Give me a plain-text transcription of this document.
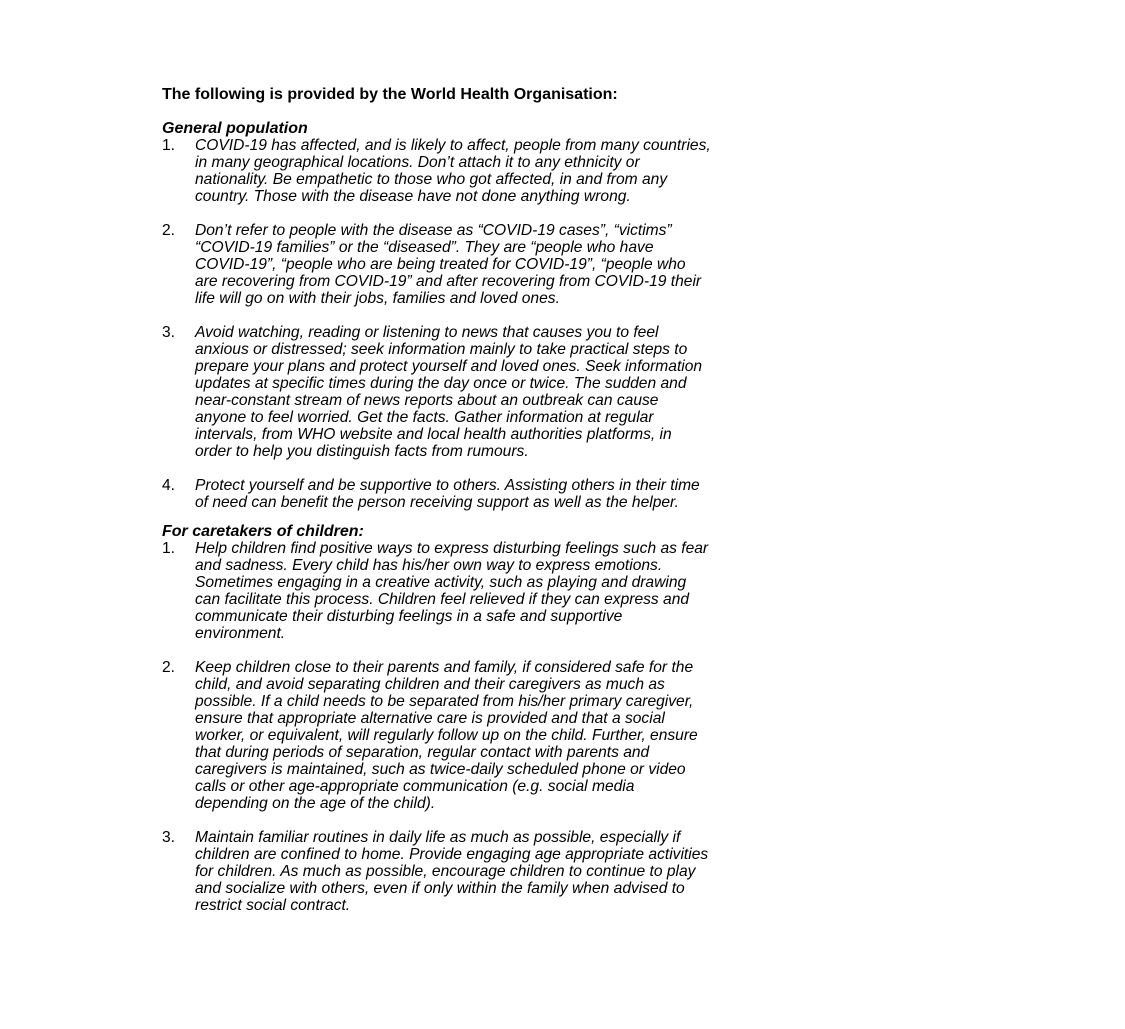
The following is provided by the World Health Organisation:

General population

1.	COVID-19 has affected, and is likely to affect, people from many countries,
in many geographical locations. Don’t attach it to any ethnicity or
nationality. Be empathetic to those who got affected, in and from any
country. Those with the disease have not done anything wrong.
2.	Don’t refer to people with the disease as “COVID-19 cases”, “victims”
“COVID-19 families” or the “diseased”. They are “people who have
COVID-19”, “people who are being treated for COVID-19”, “people who
are recovering from COVID-19” and after recovering from COVID-19 their
life will go on with their jobs, families and loved ones.
3.	Avoid watching, reading or listening to news that causes you to feel
anxious or distressed; seek information mainly to take practical steps to
prepare your plans and protect yourself and loved ones. Seek information
updates at specific times during the day once or twice. The sudden and
near-constant stream of news reports about an outbreak can cause
anyone to feel worried. Get the facts. Gather information at regular
intervals, from WHO website and local health authorities platforms, in
order to help you distinguish facts from rumours.
4.	Protect yourself and be supportive to others. Assisting others in their time
of need can benefit the person receiving support as well as the helper.

For caretakers of children:

1.	Help children find positive ways to express disturbing feelings such as fear
and sadness. Every child has his/her own way to express emotions.
Sometimes engaging in a creative activity, such as playing and drawing
can facilitate this process. Children feel relieved if they can express and
communicate their disturbing feelings in a safe and supportive
environment.
2.	Keep children close to their parents and family, if considered safe for the
child, and avoid separating children and their caregivers as much as
possible. If a child needs to be separated from his/her primary caregiver,
ensure that appropriate alternative care is provided and that a social
worker, or equivalent, will regularly follow up on the child. Further, ensure
that during periods of separation, regular contact with parents and
caregivers is maintained, such as twice-daily scheduled phone or video
calls or other age-appropriate communication (e.g. social media
depending on the age of the child).
3.	Maintain familiar routines in daily life as much as possible, especially if
children are confined to home. Provide engaging age appropriate activities
for children. As much as possible, encourage children to continue to play
and socialize with others, even if only within the family when advised to
restrict social contract.
